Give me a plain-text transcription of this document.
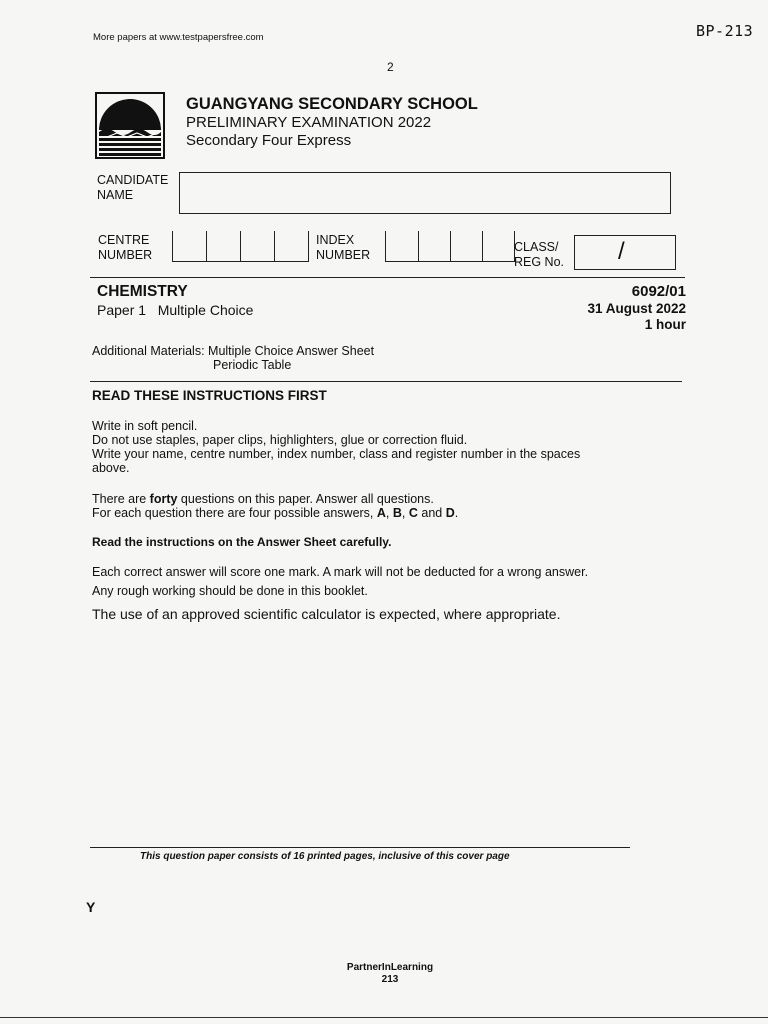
More papers at www.testpapersfree.com	BP-213
2
GUANGYANG SECONDARY SCHOOL
PRELIMINARY EXAMINATION 2022
Secondary Four Express
CANDIDATE
NAME
CENTRE
NUMBER
INDEX
NUMBER
CLASS/
REG No. /
CHEMISTRY
Paper 1   Multiple Choice
6092/01
31 August 2022
1 hour
Additional Materials: Multiple Choice Answer Sheet
Periodic Table
READ THESE INSTRUCTIONS FIRST
Write in soft pencil.
Do not use staples, paper clips, highlighters, glue or correction fluid.
Write your name, centre number, index number, class and register number in the spaces
above.
There are forty questions on this paper. Answer all questions.
For each question there are four possible answers, A, B, C and D.
Read the instructions on the Answer Sheet carefully.
Each correct answer will score one mark. A mark will not be deducted for a wrong answer.
Any rough working should be done in this booklet.
The use of an approved scientific calculator is expected, where appropriate.
This question paper consists of 16 printed pages, inclusive of this cover page
Y
PartnerInLearning
213
